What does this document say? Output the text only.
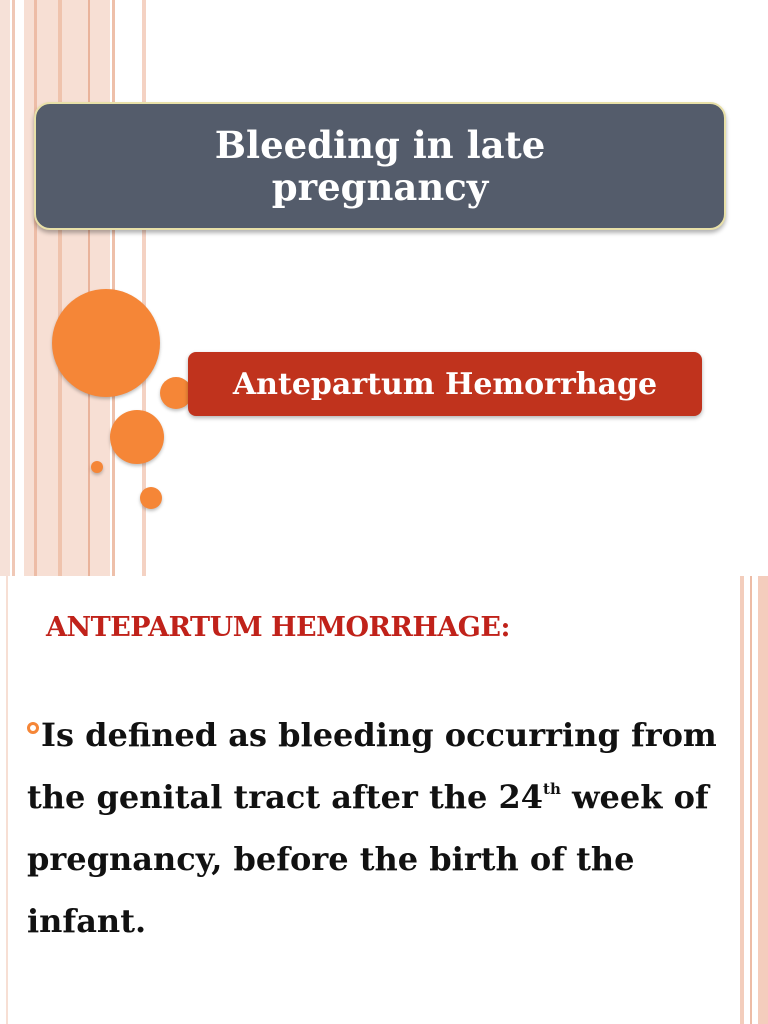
Bleeding in late pregnancy
Antepartum Hemorrhage
ANTEPARTUM HEMORRHAGE:
Is defined as bleeding occurring from the genital tract after the 24th week of pregnancy, before the birth of the infant.
